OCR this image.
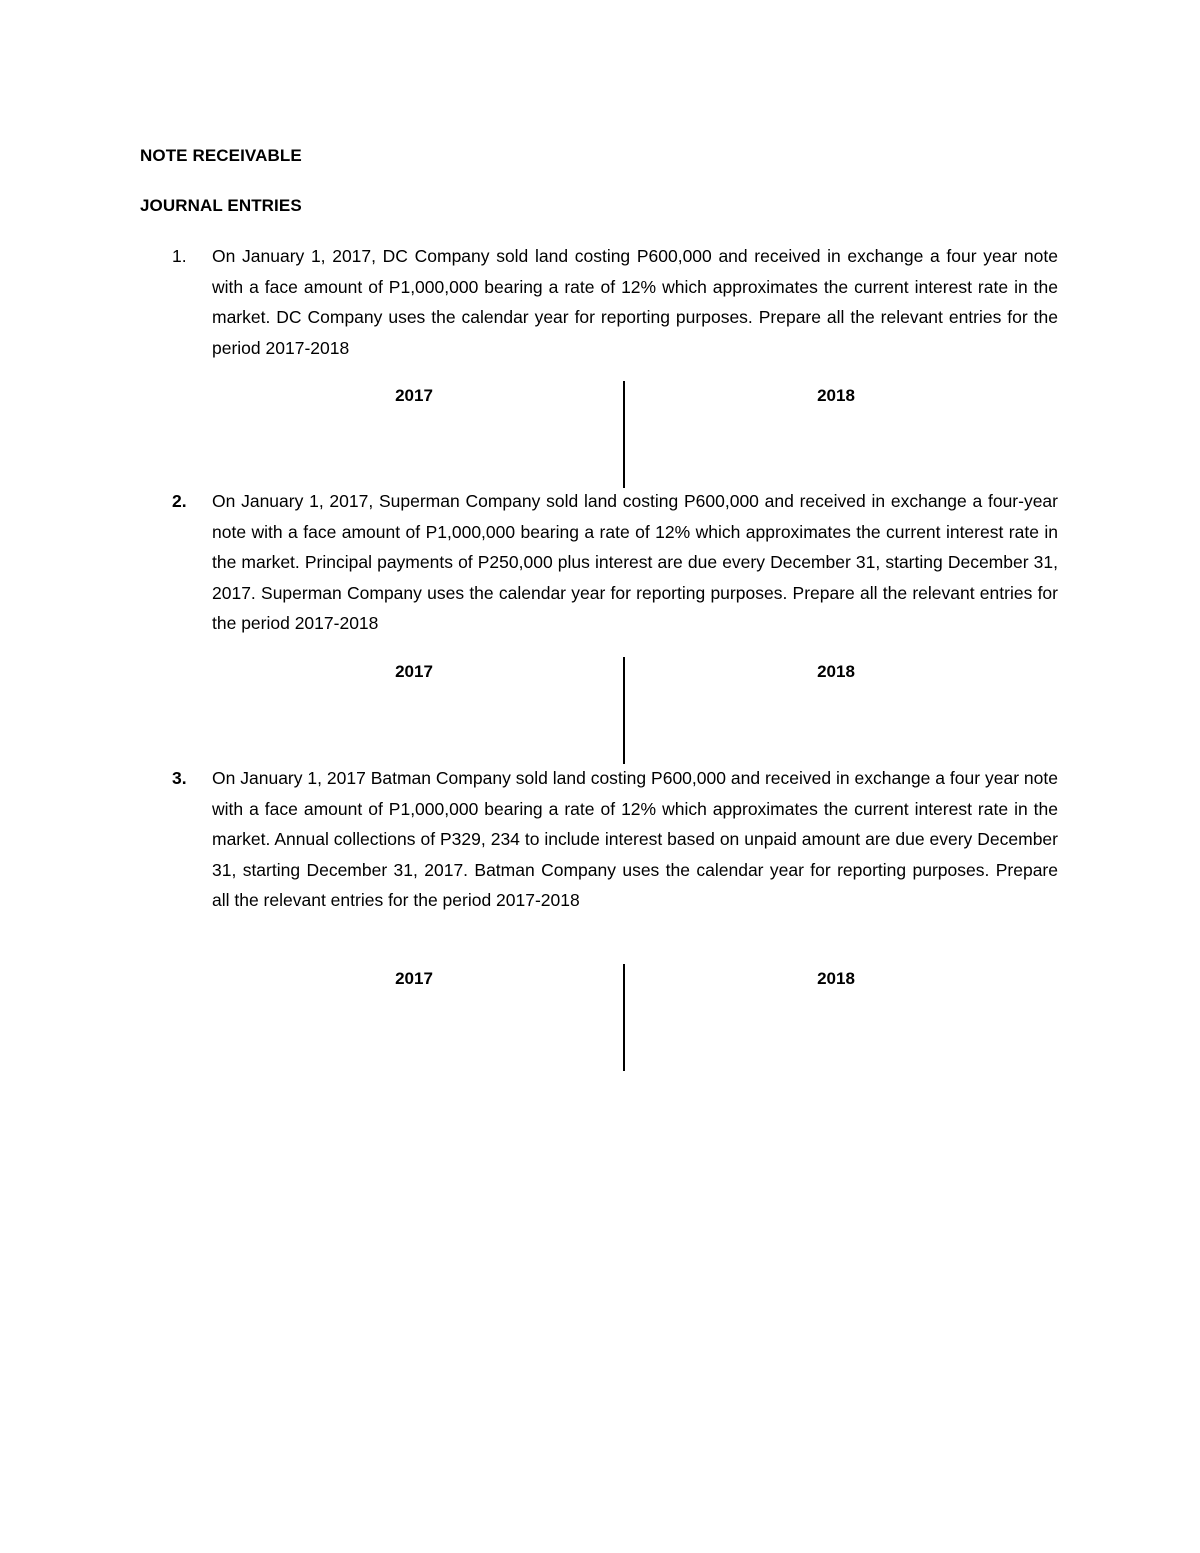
NOTE RECEIVABLE
JOURNAL ENTRIES
1. On January 1, 2017, DC Company sold land costing P600,000 and received in exchange a four year note with a face amount of P1,000,000 bearing a rate of 12% which approximates the current interest rate in the market. DC Company uses the calendar year for reporting purposes. Prepare all the relevant entries for the period 2017-2018
2017	2018
2. On January 1, 2017, Superman Company sold land costing P600,000 and received in exchange a four-year note with a face amount of P1,000,000 bearing a rate of 12% which approximates the current interest rate in the market. Principal payments of P250,000 plus interest are due every December 31, starting December 31, 2017. Superman Company uses the calendar year for reporting purposes. Prepare all the relevant entries for the period 2017-2018
2017	2018
3. On January 1, 2017 Batman Company sold land costing P600,000 and received in exchange a four year note with a face amount of P1,000,000 bearing a rate of 12% which approximates the current interest rate in the market. Annual collections of P329, 234 to include interest based on unpaid amount are due every December 31, starting December 31, 2017. Batman Company uses the calendar year for reporting purposes. Prepare all the relevant entries for the period 2017-2018
2017	2018
